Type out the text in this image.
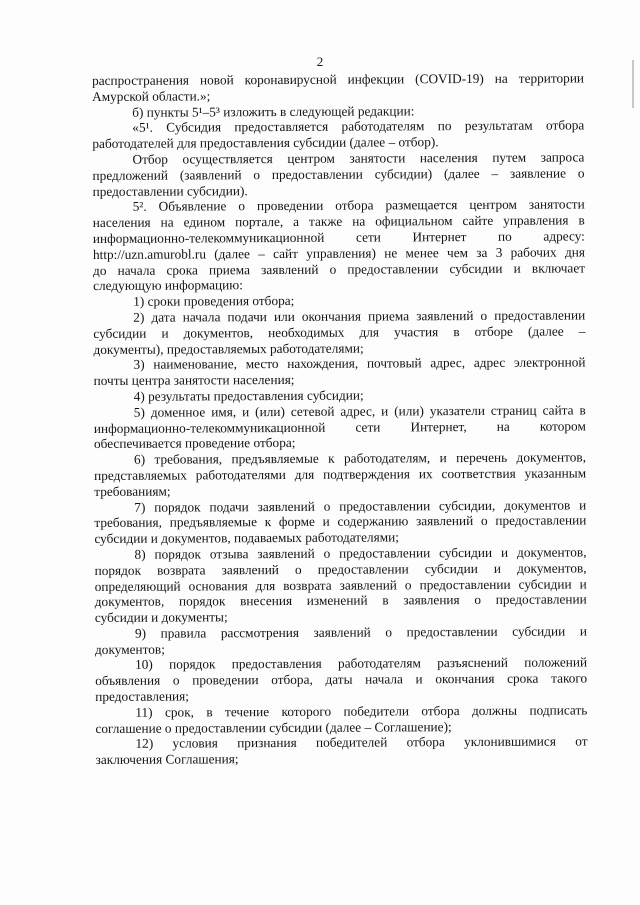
2
распространения новой коронавирусной инфекции (COVID-19) на территории
Амурской области.»;
б) пункты 5¹–5³ изложить в следующей редакции:
«5¹. Субсидия предоставляется работодателям по результатам отбора
работодателей для предоставления субсидии (далее – отбор).
Отбор осуществляется центром занятости населения путем запроса
предложений (заявлений о предоставлении субсидии) (далее – заявление о
предоставлении субсидии).
5². Объявление о проведении отбора размещается центром занятости
населения на едином портале, а также на официальном сайте управления в
информационно-телекоммуникационной сети Интернет по адресу:
http://uzn.amurobl.ru (далее – сайт управления) не менее чем за 3 рабочих дня
до начала срока приема заявлений о предоставлении субсидии и включает
следующую информацию:
1) сроки проведения отбора;
2) дата начала подачи или окончания приема заявлений о предоставлении
субсидии и документов, необходимых для участия в отборе (далее –
документы), предоставляемых работодателями;
3) наименование, место нахождения, почтовый адрес, адрес электронной
почты центра занятости населения;
4) результаты предоставления субсидии;
5) доменное имя, и (или) сетевой адрес, и (или) указатели страниц сайта в
информационно-телекоммуникационной сети Интернет, на котором
обеспечивается проведение отбора;
6) требования, предъявляемые к работодателям, и перечень документов,
представляемых работодателями для подтверждения их соответствия указанным
требованиям;
7) порядок подачи заявлений о предоставлении субсидии, документов и
требования, предъявляемые к форме и содержанию заявлений о предоставлении
субсидии и документов, подаваемых работодателями;
8) порядок отзыва заявлений о предоставлении субсидии и документов,
порядок возврата заявлений о предоставлении субсидии и документов,
определяющий основания для возврата заявлений о предоставлении субсидии и
документов, порядок внесения изменений в заявления о предоставлении
субсидии и документы;
9) правила рассмотрения заявлений о предоставлении субсидии и
документов;
10) порядок предоставления работодателям разъяснений положений
объявления о проведении отбора, даты начала и окончания срока такого
предоставления;
11) срок, в течение которого победители отбора должны подписать
соглашение о предоставлении субсидии (далее – Соглашение);
12) условия признания победителей отбора уклонившимися от
заключения Соглашения;
